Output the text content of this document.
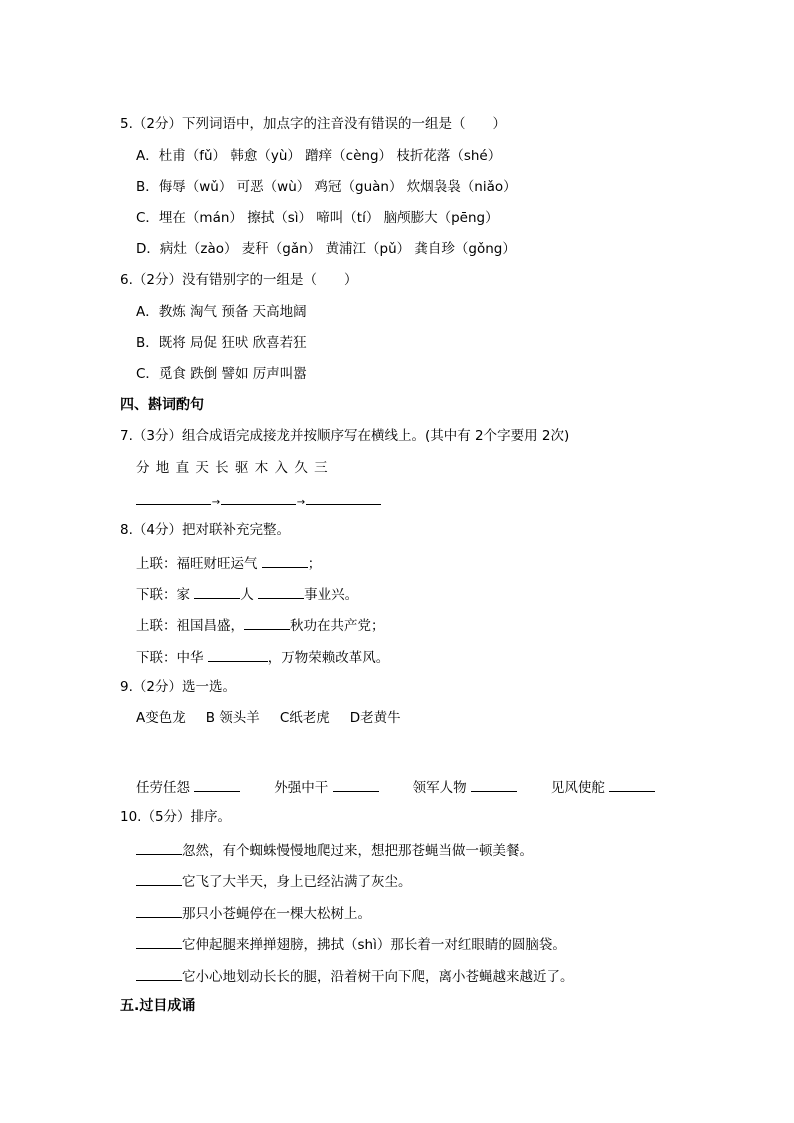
5.（2分）下列词语中，加点字的注音没有错误的一组是（　　）
A．杜甫（fǔ） 韩愈（yù） 蹭痒（cèng） 枝折花落（shé）
B．侮辱（wǔ） 可恶（wù） 鸡冠（guàn） 炊烟袅袅（niǎo）
C．埋在（mán） 擦拭（sì） 啼叫（tí） 脑颅膨大（pēng）
D．病灶（zào） 麦秆（gǎn） 黄浦江（pǔ） 龚自珍（gǒng）
6.（2分）没有错别字的一组是（　　）
A．教炼 淘气 预备 天高地阔
B．既将 局促 狂吠 欣喜若狂
C．觅食 跌倒 譬如 厉声叫嚣
四、斟词酌句
7.（3分）组合成语完成接龙并按顺序写在横线上。(其中有 2个字要用 2次)
分 地 直 天 长 驱 木 入 久 三
→	→
8.（4分）把对联补充完整。
上联：福旺财旺运气	；
下联：家	人	事业兴。
上联：祖国昌盛，	秋功在共产党；
下联：中华	，万物荣赖改革风。
9.（2分）选一选。
A变色龙 B 领头羊 C纸老虎 D老黄牛
任劳任怨	外强中干	领军人物	见风使舵
10.（5分）排序。
忽然，有个蜘蛛慢慢地爬过来，想把那苍蝇当做一顿美餐。
它飞了大半天，身上已经沾满了灰尘。
那只小苍蝇停在一棵大松树上。
它伸起腿来掸掸翅膀，拂拭（shì）那长着一对红眼睛的圆脑袋。
它小心地划动长长的腿，沿着树干向下爬，离小苍蝇越来越近了。
五.过目成诵
